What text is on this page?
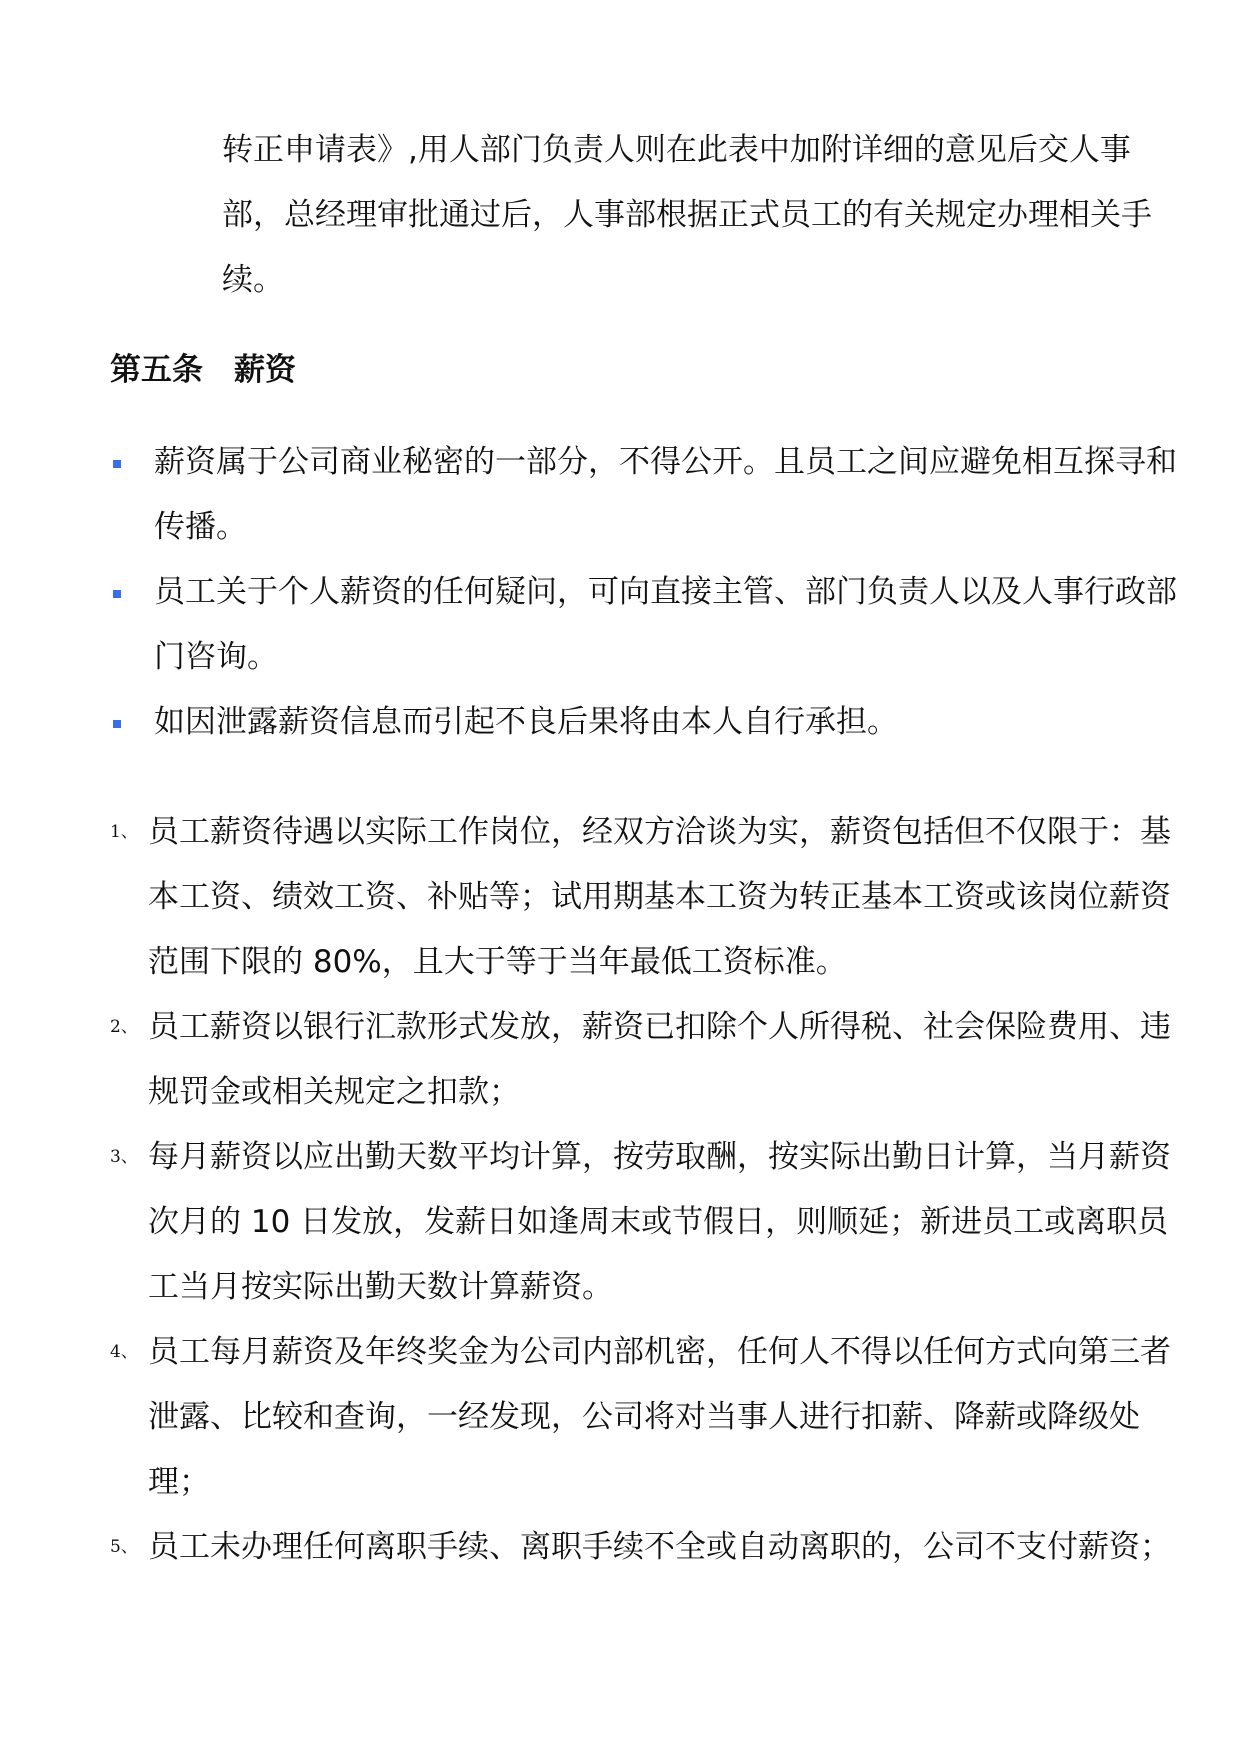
转正申请表》,用人部门负责人则在此表中加附详细的意见后交人事部，总经理审批通过后，人事部根据正式员工的有关规定办理相关手续。

第五条　薪资
薪资属于公司商业秘密的一部分，不得公开。且员工之间应避免相互探寻和传播。
员工关于个人薪资的任何疑问，可向直接主管、部门负责人以及人事行政部门咨询。
如因泄露薪资信息而引起不良后果将由本人自行承担。
1、 员工薪资待遇以实际工作岗位，经双方洽谈为实，薪资包括但不仅限于：基本工资、绩效工资、补贴等；试用期基本工资为转正基本工资或该岗位薪资范围下限的 80%，且大于等于当年最低工资标准。
2、 员工薪资以银行汇款形式发放，薪资已扣除个人所得税、社会保险费用、违规罚金或相关规定之扣款；
3、 每月薪资以应出勤天数平均计算，按劳取酬，按实际出勤日计算，当月薪资次月的 10 日发放，发薪日如逢周末或节假日，则顺延；新进员工或离职员工当月按实际出勤天数计算薪资。
4、 员工每月薪资及年终奖金为公司内部机密，任何人不得以任何方式向第三者泄露、比较和查询，一经发现，公司将对当事人进行扣薪、降薪或降级处理；
5、 员工未办理任何离职手续、离职手续不全或自动离职的，公司不支付薪资；
